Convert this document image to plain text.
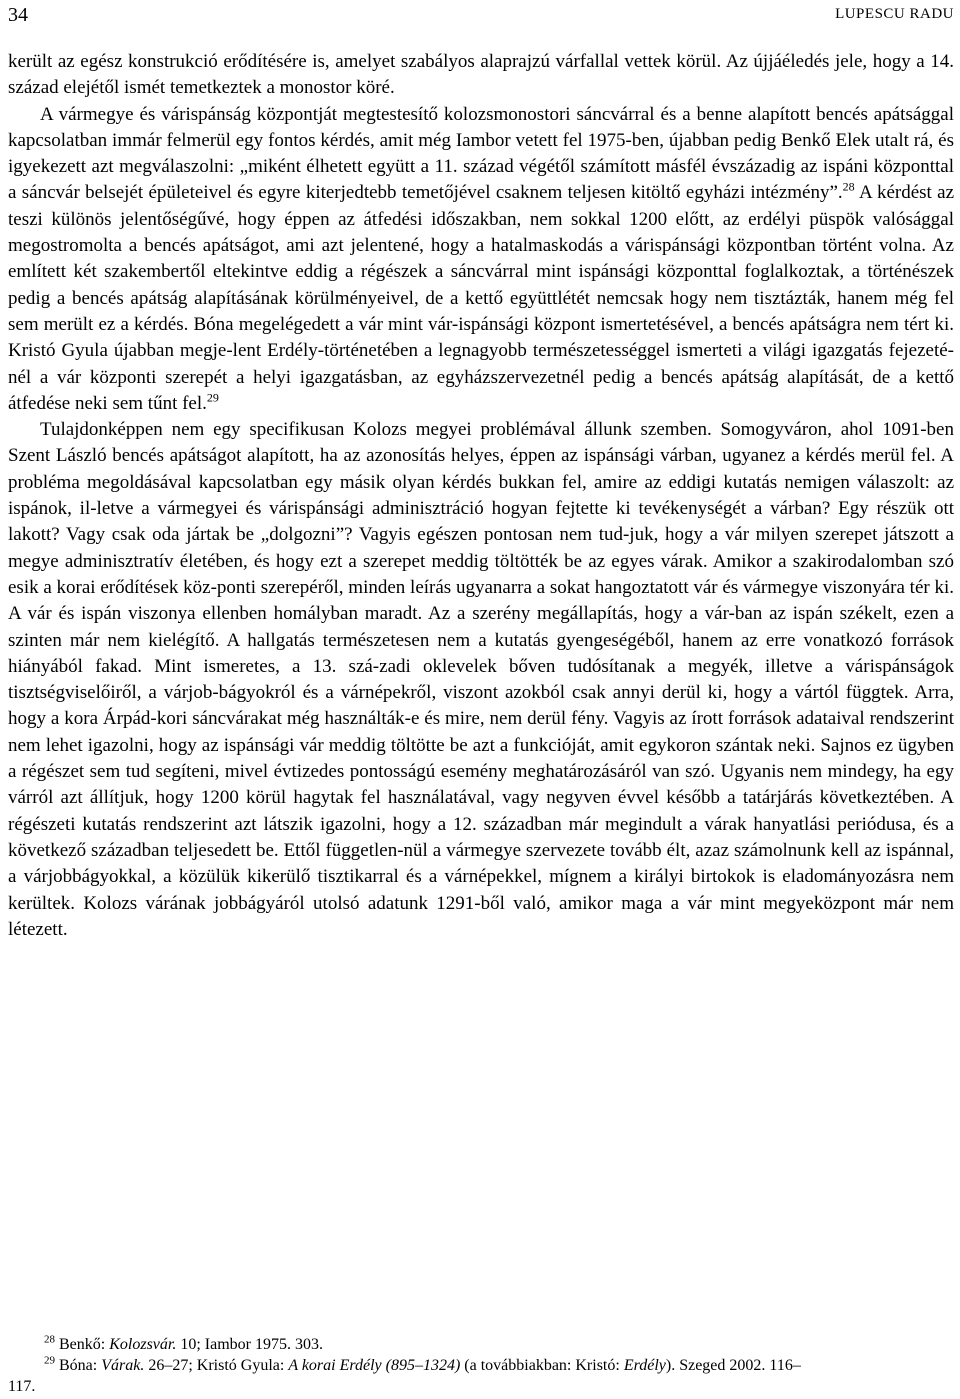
34	LUPESCU RADU

került az egész konstrukció erődítésére is, amelyet szabályos alaprajzú várfallal vettek körül. Az újjáéledés jele, hogy a 14. század elejétől ismét temetkeztek a monostor köré.

A vármegye és várispánság központját megtestesítő kolozsmonostori sáncvárral és a benne alapított bencés apátsággal kapcsolatban immár felmerül egy fontos kérdés, amit még Iambor vetett fel 1975-ben, újabban pedig Benkő Elek utalt rá, és igyekezett azt megválaszolni: „miként élhetett együtt a 11. század végétől számított másfél évszázadig az ispáni központtal a sáncvár belsejét épületeivel és egyre kiterjedtebb temetőjével csaknem teljesen kitöltő egyházi intézmény”.$^{28}$ A kérdést az teszi különös jelentőségűvé, hogy éppen az átfedési időszakban, nem sokkal 1200 előtt, az erdélyi püspök valósággal megostromolta a bencés apátságot, ami azt jelentené, hogy a hatalmaskodás a várispánsági központban történt volna. Az említett két szakembertől eltekintve eddig a régészek a sáncvárral mint ispánsági központtal foglalkoztak, a történészek pedig a bencés apátság alapításának körülményeivel, de a kettő együttlétét nemcsak hogy nem tisztázták, hanem még fel sem merült ez a kérdés. Bóna megelégedett a vár mint vár-ispánsági központ ismertetésével, a bencés apátságra nem tért ki. Kristó Gyula újabban megje-lent Erdély-történetében a legnagyobb természetességgel ismerteti a világi igazgatás fejezeté-nél a vár központi szerepét a helyi igazgatásban, az egyházszervezetnél pedig a bencés apátság alapítását, de a kettő átfedése neki sem tűnt fel.$^{29}$

Tulajdonképpen nem egy specifikusan Kolozs megyei problémával állunk szemben. Somogyváron, ahol 1091-ben Szent László bencés apátságot alapított, ha az azonosítás helyes, éppen az ispánsági várban, ugyanez a kérdés merül fel. A probléma megoldásával kapcsolatban egy másik olyan kérdés bukkan fel, amire az eddigi kutatás nemigen válaszolt: az ispánok, il-letve a vármegyei és várispánsági adminisztráció hogyan fejtette ki tevékenységét a várban? Egy részük ott lakott? Vagy csak oda jártak be „dolgozni”? Vagyis egészen pontosan nem tud-juk, hogy a vár milyen szerepet játszott a megye adminisztratív életében, és hogy ezt a szerepet meddig töltötték be az egyes várak. Amikor a szakirodalomban szó esik a korai erődítések köz-ponti szerepéről, minden leírás ugyanarra a sokat hangoztatott vár és vármegye viszonyára tér ki. A vár és ispán viszonya ellenben homályban maradt. Az a szerény megállapítás, hogy a vár-ban az ispán székelt, ezen a szinten már nem kielégítő. A hallgatás természetesen nem a kutatás gyengeségéből, hanem az erre vonatkozó források hiányából fakad. Mint ismeretes, a 13. szá-zadi oklevelek bőven tudósítanak a megyék, illetve a várispánságok tisztségviselőiről, a várjob-bágyokról és a várnépekről, viszont azokból csak annyi derül ki, hogy a vártól függtek. Arra, hogy a kora Árpád-kori sáncvárakat még használták-e és mire, nem derül fény. Vagyis az írott források adataival rendszerint nem lehet igazolni, hogy az ispánsági vár meddig töltötte be azt a funkcióját, amit egykoron szántak neki. Sajnos ez ügyben a régészet sem tud segíteni, mivel évtizedes pontosságú esemény meghatározásáról van szó. Ugyanis nem mindegy, ha egy várról azt állítjuk, hogy 1200 körül hagytak fel használatával, vagy negyven évvel később a tatárjárás következtében. A régészeti kutatás rendszerint azt látszik igazolni, hogy a 12. században már megindult a várak hanyatlási periódusa, és a következő században teljesedett be. Ettől független-nül a vármegye szervezete tovább élt, azaz számolnunk kell az ispánnal, a várjobbágyokkal, a közülük kikerülő tisztikarral és a várnépekkel, mígnem a királyi birtokok is eladományozásra nem kerültek. Kolozs várának jobbágyáról utolsó adatunk 1291-ből való, amikor maga a vár mint megyeközpont már nem létezett.

$^{28}$ Benkő: Kolozsvár. 10; Iambor 1975. 303.

$^{29}$ Bóna: Várak. 26–27; Kristó Gyula: A korai Erdély (895–1324) (a továbbiakban: Kristó: Erdély). Szeged 2002. 116–

117.
